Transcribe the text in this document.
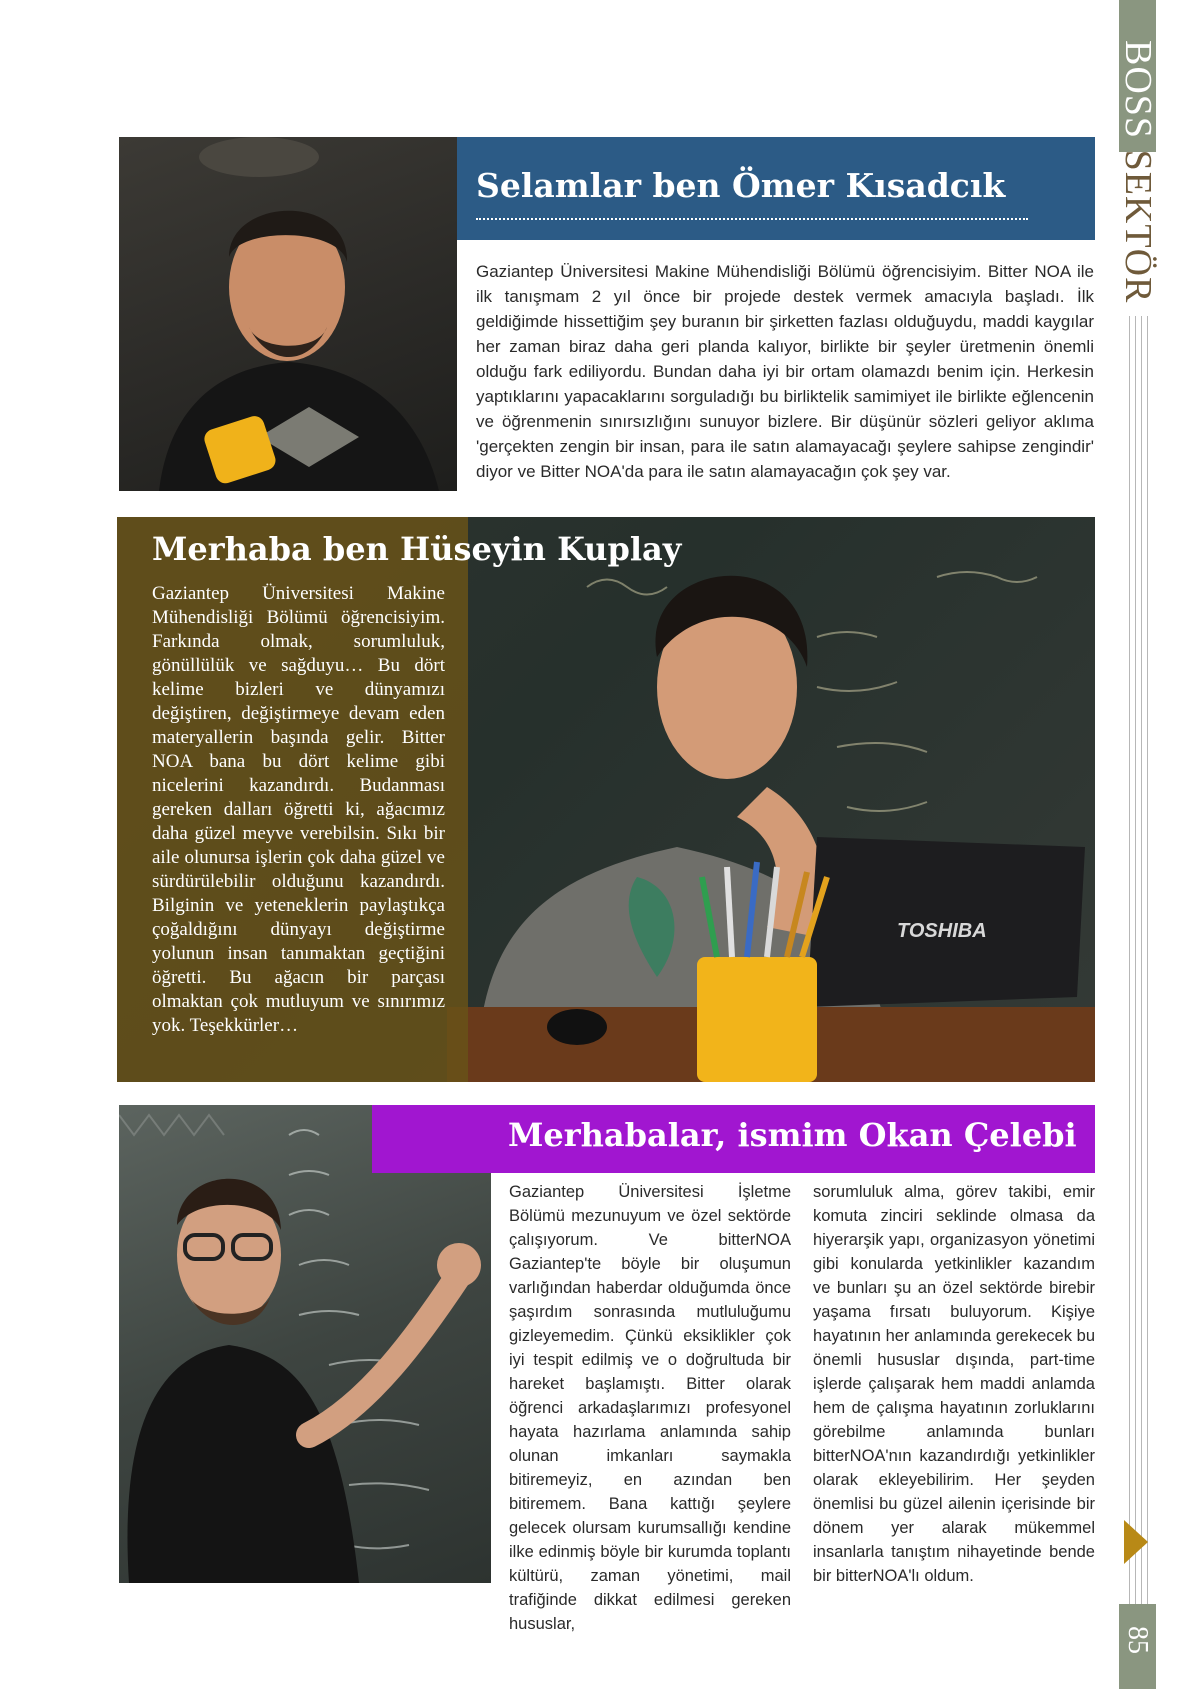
BOSS SEKTÖR
85
Selamlar ben Ömer Kısadcık
Gaziantep Üniversitesi Makine Mühendisliği Bölümü öğrencisiyim. Bitter NOA ile ilk tanışmam 2 yıl önce bir projede destek vermek amacıyla başladı. İlk geldiğimde hissettiğim şey buranın bir şirketten fazlası olduğuydu, maddi kaygılar her zaman biraz daha geri planda kalıyor, birlikte bir şeyler üretmenin önemli olduğu fark ediliyordu. Bundan daha iyi bir ortam olamazdı benim için. Herkesin yaptıklarını yapacaklarını sorguladığı bu birliktelik samimiyet ile birlikte eğlencenin ve öğrenmenin sınırsızlığını sunuyor bizlere. Bir düşünür sözleri geliyor aklıma 'gerçekten zengin bir insan, para ile satın alamayacağı şeylere sahipse zengindir' diyor ve Bitter NOA'da para ile satın alamayacağın çok şey var.
TOSHIBA
Merhaba ben Hüseyin Kuplay
Gaziantep Üniversitesi Makine Mühendisliği Bölümü öğrencisiyim. Farkında olmak, sorumluluk, gönüllülük ve sağduyu… Bu dört kelime bizleri ve dünyamızı değiştiren, değiştirmeye devam eden materyallerin başında gelir. Bitter NOA bana bu dört kelime gibi nicelerini kazandırdı. Budanması gereken dalları öğretti ki, ağacımız daha güzel meyve verebilsin. Sıkı bir aile olunursa işlerin çok daha güzel ve sürdürülebilir olduğunu kazandırdı. Bilginin ve yeteneklerin paylaştıkça çoğaldığını dünyayı değiştirme yolunun insan tanımaktan geçtiğini öğretti. Bu ağacın bir parçası olmaktan çok mutluyum ve sınırımız yok. Teşekkürler…
Merhabalar, ismim Okan Çelebi
Gaziantep Üniversitesi İşletme Bölümü mezunuyum ve özel sektörde çalışıyorum. Ve bitterNOA Gaziantep'te böyle bir oluşumun varlığından haberdar olduğumda önce şaşırdım sonrasında mutluluğumu gizleyemedim. Çünkü eksiklikler çok iyi tespit edilmiş ve o doğrultuda bir hareket başlamıştı. Bitter olarak öğrenci arkadaşlarımızı profesyonel hayata hazırlama anlamında sahip olunan imkanları saymakla bitiremeyiz, en azından ben bitiremem. Bana kattığı şeylere gelecek olursam kurumsallığı kendine ilke edinmiş böyle bir kurumda toplantı kültürü, zaman yönetimi, mail trafiğinde dikkat edilmesi gereken hususlar,
sorumluluk alma, görev takibi, emir komuta zinciri seklinde olmasa da hiyerarşik yapı, organizasyon yönetimi gibi konularda yetkinlikler kazandım ve bunları şu an özel sektörde birebir yaşama fırsatı buluyorum. Kişiye hayatının her anlamında gerekecek bu önemli hususlar dışında, part-time işlerde çalışarak hem maddi anlamda hem de çalışma hayatının zorluklarını görebilme anlamında bunları bitterNOA'nın kazandırdığı yetkinlikler olarak ekleyebilirim. Her şeyden önemlisi bu güzel ailenin içerisinde bir dönem yer alarak mükemmel insanlarla tanıştım nihayetinde bende bir bitterNOA'lı oldum.
